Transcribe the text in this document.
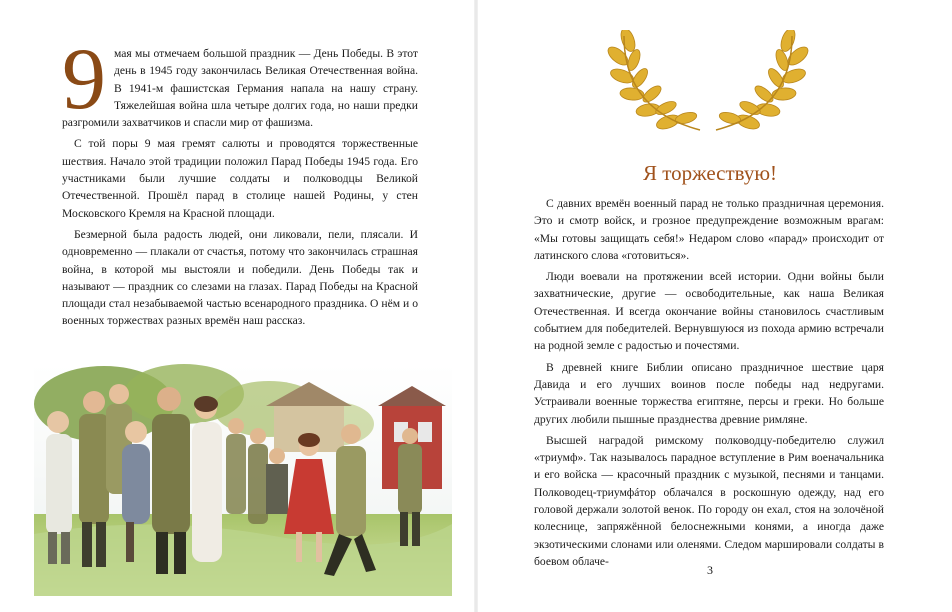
9 мая мы отмечаем большой праздник — День Победы. В этот день в 1945 году закончилась Великая Отечественная война. В 1941-м фашистская Германия напала на нашу страну. Тяжелейшая война шла четыре долгих года, но наши предки разгромили захватчиков и спасли мир от фашизма.

С той поры 9 мая гремят салюты и проводятся торжественные шествия. Начало этой традиции положил Парад Победы 1945 года. Его участниками были лучшие солдаты и полководцы Великой Отечественной. Прошёл парад в столице нашей Родины, у стен Московского Кремля на Красной площади.

Безмерной была радость людей, они ликовали, пели, плясали. И одновременно — плакали от счастья, потому что закончилась страшная война, в которой мы выстояли и победили. День Победы так и называют — праздник со слезами на глазах. Парад Победы на Красной площади стал незабываемой частью всенародного праздника. О нём и о военных торжествах разных времён наш рассказ.

Я торжествую!

С давних времён военный парад не только праздничная церемония. Это и смотр войск, и грозное предупреждение возможным врагам: «Мы готовы защищать себя!» Недаром слово «парад» происходит от латинского слова «готовиться».

Люди воевали на протяжении всей истории. Одни войны были захватнические, другие — освободительные, как наша Великая Отечественная. И всегда окончание войны становилось счастливым событием для победителей. Вернувшуюся из похода армию встречали на родной земле с радостью и почестями.

В древней книге Библии описано праздничное шествие царя Давида и его лучших воинов после победы над недругами. Устраивали военные торжества египтяне, персы и греки. Но больше других любили пышные празднества древние римляне.

Высшей наградой римскому полководцу-победителю служил «триумф». Так называлось парадное вступление в Рим военачальника и его войска — красочный праздник с музыкой, песнями и танцами. Полководец-триумфáтор облачался в роскошную одежду, над его головой держали золотой венок. По городу он ехал, стоя на золочёной колеснице, запряжённой белоснежными конями, а иногда даже экзотическими слонами или оленями. Следом маршировали солдаты в боевом облаче-

3
